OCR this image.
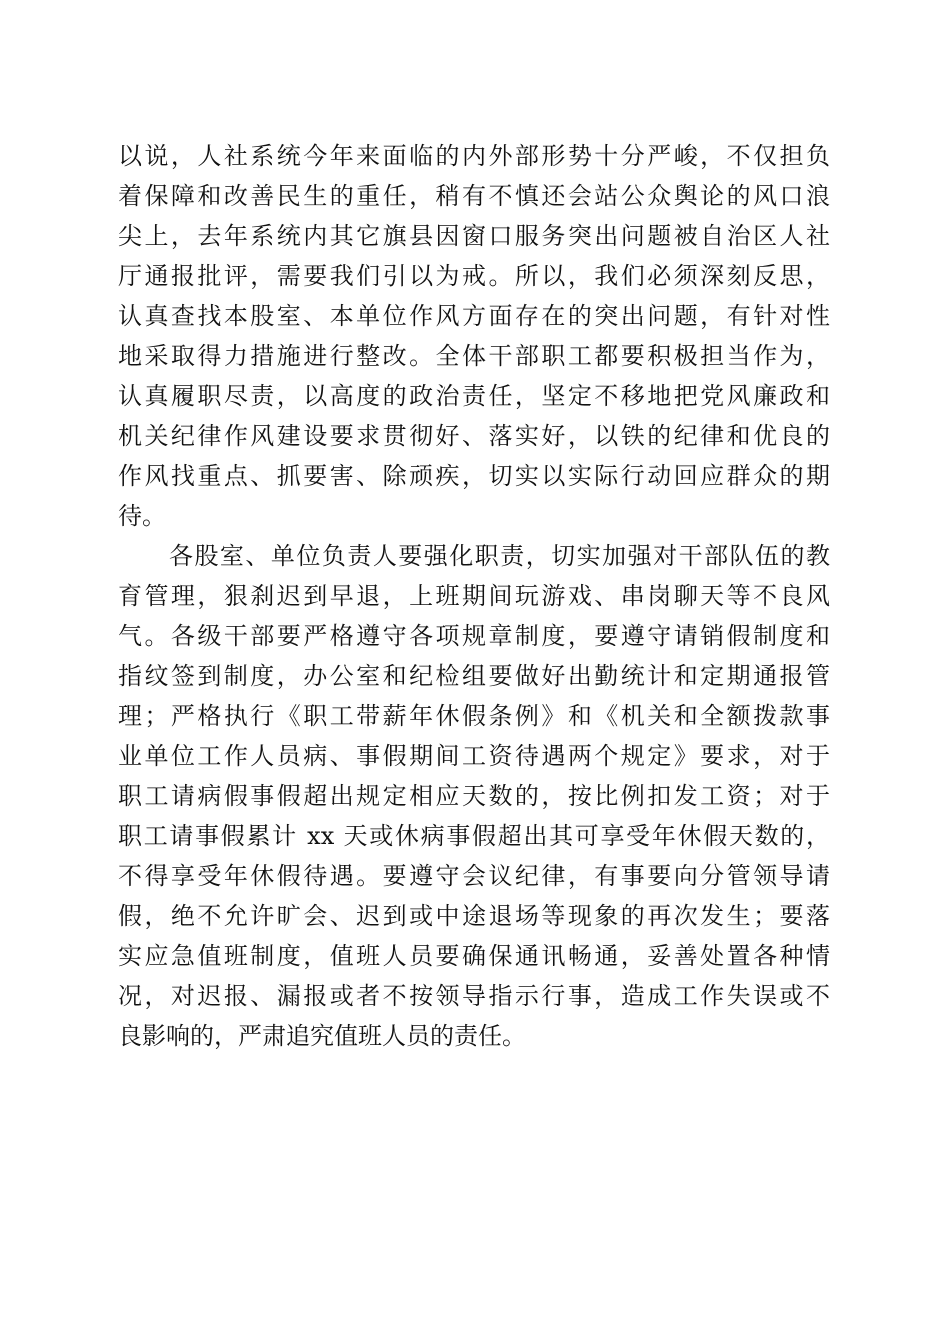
以说，人社系统今年来面临的内外部形势十分严峻，不仅担负
着保障和改善民生的重任，稍有不慎还会站公众舆论的风口浪
尖上，去年系统内其它旗县因窗口服务突出问题被自治区人社
厅通报批评，需要我们引以为戒。所以，我们必须深刻反思，
认真查找本股室、本单位作风方面存在的突出问题，有针对性
地采取得力措施进行整改。全体干部职工都要积极担当作为，
认真履职尽责，以高度的政治责任，坚定不移地把党风廉政和
机关纪律作风建设要求贯彻好、落实好，以铁的纪律和优良的
作风找重点、抓要害、除顽疾，切实以实际行动回应群众的期
待。
　　各股室、单位负责人要强化职责，切实加强对干部队伍的教
育管理，狠刹迟到早退，上班期间玩游戏、串岗聊天等不良风
气。各级干部要严格遵守各项规章制度，要遵守请销假制度和
指纹签到制度，办公室和纪检组要做好出勤统计和定期通报管
理；严格执行《职工带薪年休假条例》和《机关和全额拨款事
业单位工作人员病、事假期间工资待遇两个规定》要求，对于
职工请病假事假超出规定相应天数的，按比例扣发工资；对于
职工请事假累计 xx 天或休病事假超出其可享受年休假天数的，
不得享受年休假待遇。要遵守会议纪律，有事要向分管领导请
假，绝不允许旷会、迟到或中途退场等现象的再次发生；要落
实应急值班制度，值班人员要确保通讯畅通，妥善处置各种情
况，对迟报、漏报或者不按领导指示行事，造成工作失误或不
良影响的，严肃追究值班人员的责任。
